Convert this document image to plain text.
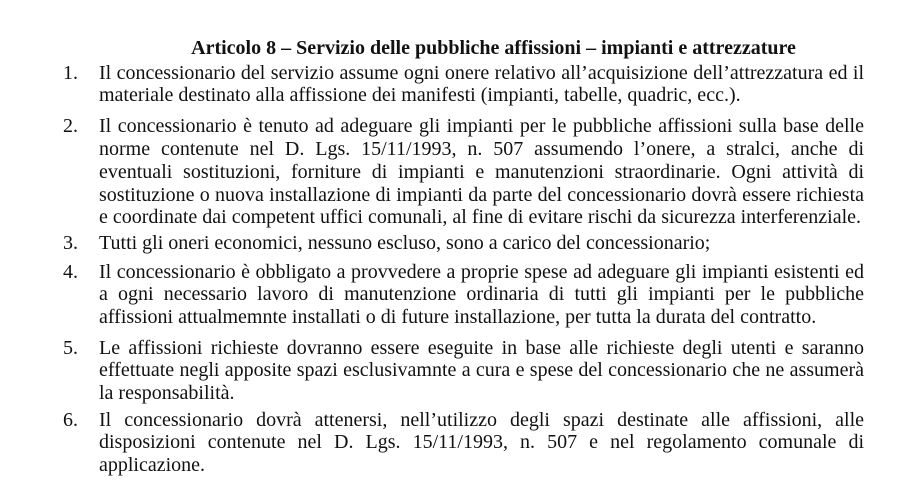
Articolo 8 – Servizio delle pubbliche affissioni – impianti e attrezzature
1.	Il concessionario del servizio assume ogni onere relativo all’acquisizione dell’attrezzatura ed il
materiale destinato alla affissione dei manifesti (impianti, tabelle, quadric, ecc.).
2.	Il concessionario è tenuto ad adeguare gli impianti per le pubbliche affissioni sulla base delle
norme contenute nel D. Lgs. 15/11/1993, n. 507 assumendo l’onere, a stralci, anche di
eventuali sostituzioni, forniture di impianti e manutenzioni straordinarie. Ogni attività di
sostituzione o nuova installazione di impianti da parte del concessionario dovrà essere richiesta
e coordinate dai competent uffici comunali, al fine di evitare rischi da sicurezza interferenziale.
3.	Tutti gli oneri economici, nessuno escluso, sono a carico del concessionario;
4.	Il concessionario è obbligato a provvedere a proprie spese ad adeguare gli impianti esistenti ed
a ogni necessario lavoro di manutenzione ordinaria di tutti gli impianti per le pubbliche
affissioni attualmemnte installati o di future installazione, per tutta la durata del contratto.
5.	Le affissioni richieste dovranno essere eseguite in base alle richieste degli utenti e saranno
effettuate negli apposite spazi esclusivamnte a cura e spese del concessionario che ne assumerà
la responsabilità.
6.	Il concessionario dovrà attenersi, nell’utilizzo degli spazi destinate alle affissioni, alle
disposizioni contenute nel D. Lgs. 15/11/1993, n. 507 e nel regolamento comunale di
applicazione.
